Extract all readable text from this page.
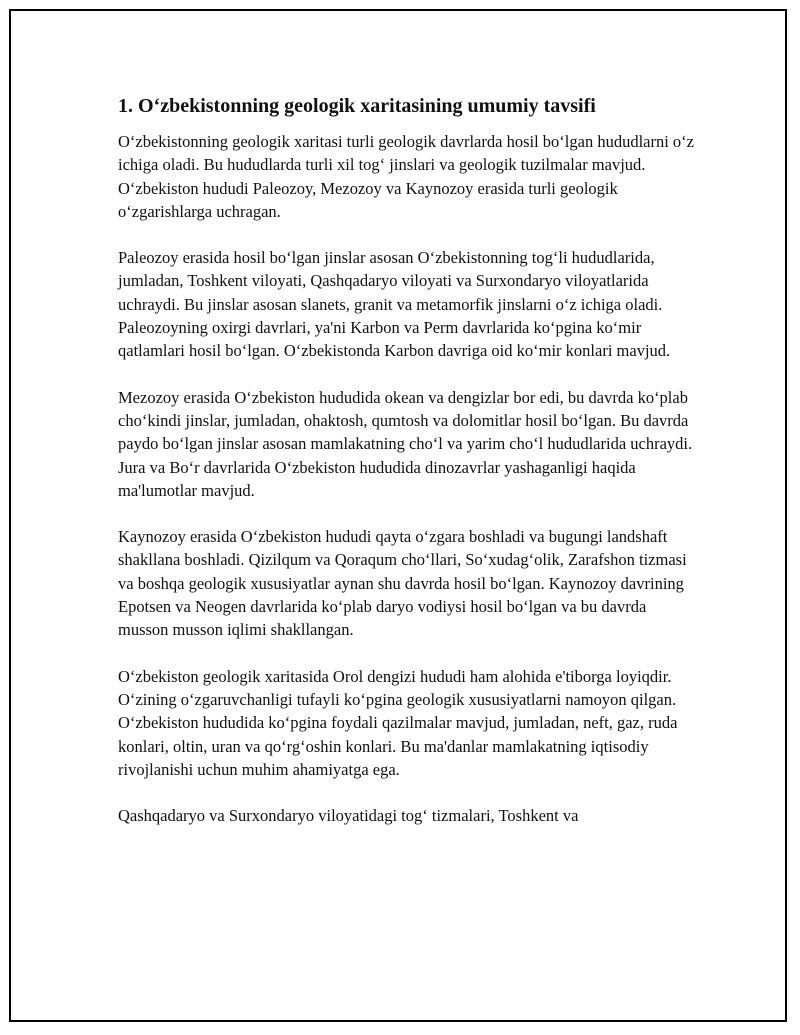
1. O‘zbekistonning geologik xaritasining umumiy tavsifi

O‘zbekistonning geologik xaritasi turli geologik davrlarda hosil bo‘lgan hududlarni o‘z ichiga oladi. Bu hududlarda turli xil tog‘ jinslari va geologik tuzilmalar mavjud. O‘zbekiston hududi Paleozoy, Mezozoy va Kaynozoy erasida turli geologik o‘zgarishlarga uchragan.

Paleozoy erasida hosil bo‘lgan jinslar asosan O‘zbekistonning tog‘li hududlarida, jumladan, Toshkent viloyati, Qashqadaryo viloyati va Surxondaryo viloyatlarida uchraydi. Bu jinslar asosan slanets, granit va metamorfik jinslarni o‘z ichiga oladi. Paleozoyning oxirgi davrlari, ya'ni Karbon va Perm davrlarida ko‘pgina ko‘mir qatlamlari hosil bo‘lgan. O‘zbekistonda Karbon davriga oid ko‘mir konlari mavjud.

Mezozoy erasida O‘zbekiston hududida okean va dengizlar bor edi, bu davrda ko‘plab cho‘kindi jinslar, jumladan, ohaktosh, qumtosh va dolomitlar hosil bo‘lgan. Bu davrda paydo bo‘lgan jinslar asosan mamlakatning cho‘l va yarim cho‘l hududlarida uchraydi. Jura va Bo‘r davrlarida O‘zbekiston hududida dinozavrlar yashaganligi haqida ma'lumotlar mavjud.

Kaynozoy erasida O‘zbekiston hududi qayta o‘zgara boshladi va bugungi landshaft shakllana boshladi. Qizilqum va Qoraqum cho‘llari, So‘xudag‘olik, Zarafshon tizmasi va boshqa geologik xususiyatlar aynan shu davrda hosil bo‘lgan. Kaynozoy davrining Epotsen va Neogen davrlarida ko‘plab daryo vodiysi hosil bo‘lgan va bu davrda musson musson iqlimi shakllangan.

O‘zbekiston geologik xaritasida Orol dengizi hududi ham alohida e'tiborga loyiqdir. O‘zining o‘zgaruvchanligi tufayli ko‘pgina geologik xususiyatlarni namoyon qilgan. O‘zbekiston hududida ko‘pgina foydali qazilmalar mavjud, jumladan, neft, gaz, ruda konlari, oltin, uran va qo‘rg‘oshin konlari. Bu ma'danlar mamlakatning iqtisodiy rivojlanishi uchun muhim ahamiyatga ega.

Qashqadaryo va Surxondaryo viloyatidagi tog‘ tizmalari, Toshkent va
